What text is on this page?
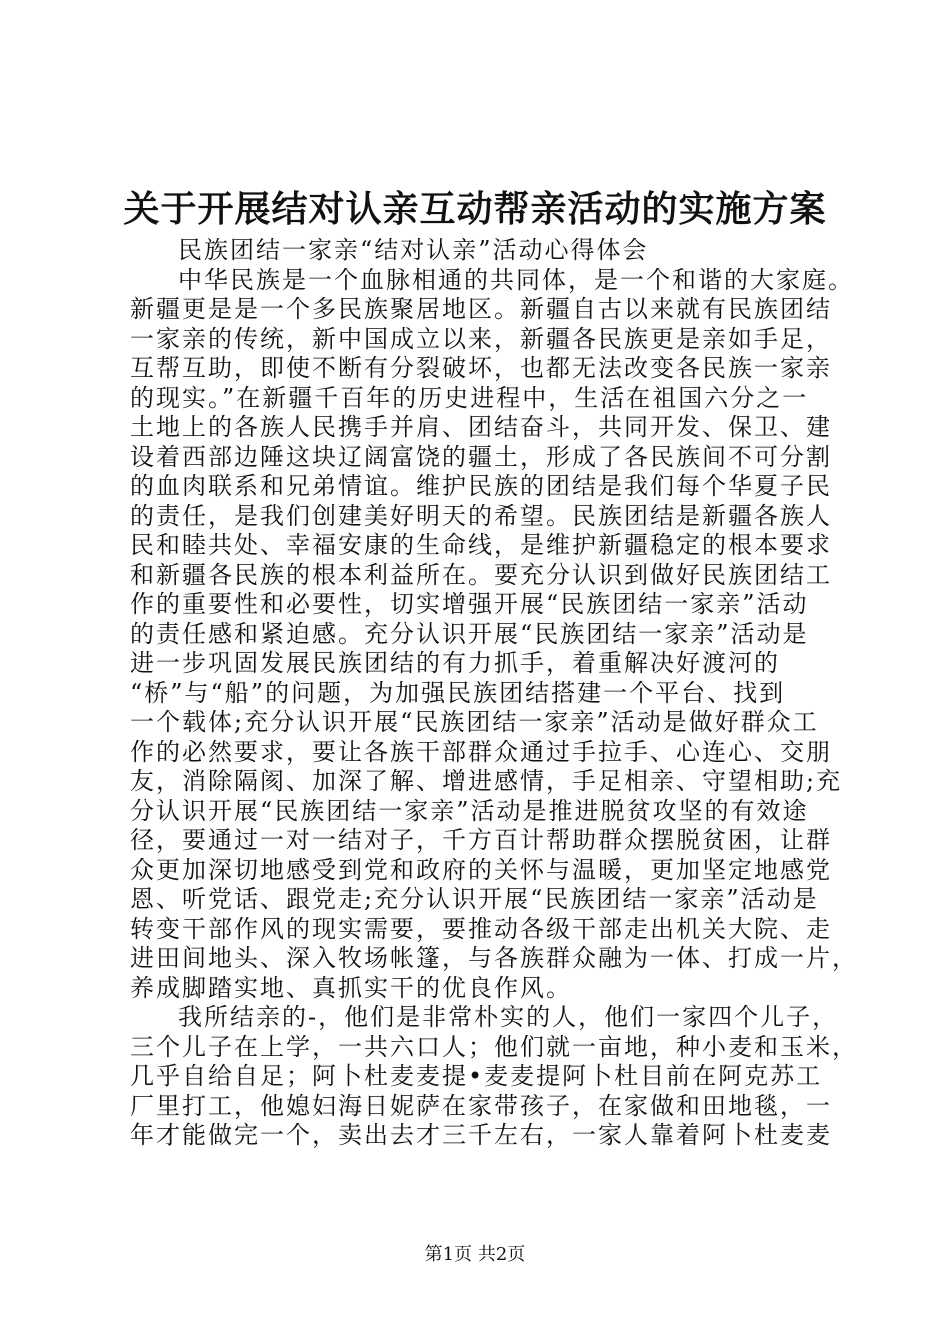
关于开展结对认亲互动帮亲活动的实施方案
民族团结一家亲“结对认亲”活动心得体会
中华民族是一个血脉相通的共同体，是一个和谐的大家庭。
新疆更是是一个多民族聚居地区。新疆自古以来就有民族团结
一家亲的传统，新中国成立以来，新疆各民族更是亲如手足，
互帮互助，即使不断有分裂破坏，也都无法改变各民族一家亲
的现实。”在新疆千百年的历史进程中，生活在祖国六分之一
土地上的各族人民携手并肩、团结奋斗，共同开发、保卫、建
设着西部边陲这块辽阔富饶的疆土，形成了各民族间不可分割
的血肉联系和兄弟情谊。维护民族的团结是我们每个华夏子民
的责任，是我们创建美好明天的希望。民族团结是新疆各族人
民和睦共处、幸福安康的生命线，是维护新疆稳定的根本要求
和新疆各民族的根本利益所在。要充分认识到做好民族团结工
作的重要性和必要性，切实增强开展“民族团结一家亲”活动
的责任感和紧迫感。充分认识开展“民族团结一家亲”活动是
进一步巩固发展民族团结的有力抓手，着重解决好渡河的
“桥”与“船”的问题，为加强民族团结搭建一个平台、找到
一个载体;充分认识开展“民族团结一家亲”活动是做好群众工
作的必然要求，要让各族干部群众通过手拉手、心连心、交朋
友，消除隔阂、加深了解、增进感情，手足相亲、守望相助;充
分认识开展“民族团结一家亲”活动是推进脱贫攻坚的有效途
径，要通过一对一结对子，千方百计帮助群众摆脱贫困，让群
众更加深切地感受到党和政府的关怀与温暖，更加坚定地感党
恩、听党话、跟党走;充分认识开展“民族团结一家亲”活动是
转变干部作风的现实需要，要推动各级干部走出机关大院、走
进田间地头、深入牧场帐篷，与各族群众融为一体、打成一片，
养成脚踏实地、真抓实干的优良作风。
我所结亲的-，他们是非常朴实的人，他们一家四个儿子，
三个儿子在上学，一共六口人；他们就一亩地，种小麦和玉米，
几乎自给自足；阿卜杜麦麦提•麦麦提阿卜杜目前在阿克苏工
厂里打工，他媳妇海日妮萨在家带孩子，在家做和田地毯，一
年才能做完一个，卖出去才三千左右，一家人靠着阿卜杜麦麦
第1页 共2页
